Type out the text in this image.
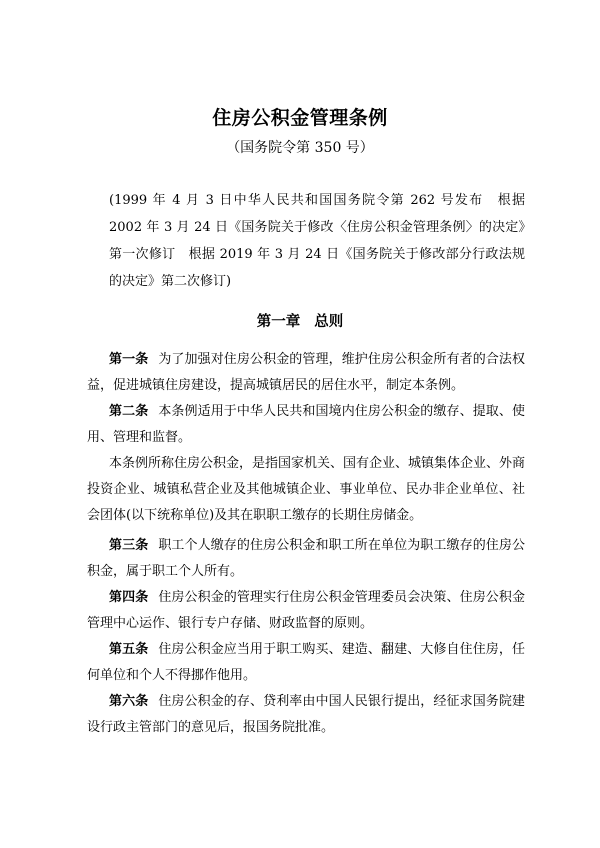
住房公积金管理条例

（国务院令第 350 号）

(1999 年 4 月 3 日中华人民共和国国务院令第 262 号发布　根据 2002 年 3 月 24 日《国务院关于修改〈住房公积金管理条例〉的决定》第一次修订　根据 2019 年 3 月 24 日《国务院关于修改部分行政法规的决定》第二次修订)

第一章 总则

第一条 为了加强对住房公积金的管理，维护住房公积金所有者的合法权益，促进城镇住房建设，提高城镇居民的居住水平，制定本条例。

第二条 本条例适用于中华人民共和国境内住房公积金的缴存、提取、使用、管理和监督。

本条例所称住房公积金，是指国家机关、国有企业、城镇集体企业、外商投资企业、城镇私营企业及其他城镇企业、事业单位、民办非企业单位、社会团体(以下统称单位)及其在职职工缴存的长期住房储金。

第三条 职工个人缴存的住房公积金和职工所在单位为职工缴存的住房公积金，属于职工个人所有。

第四条 住房公积金的管理实行住房公积金管理委员会决策、住房公积金管理中心运作、银行专户存储、财政监督的原则。

第五条 住房公积金应当用于职工购买、建造、翻建、大修自住住房，任何单位和个人不得挪作他用。

第六条 住房公积金的存、贷利率由中国人民银行提出，经征求国务院建设行政主管部门的意见后，报国务院批准。
